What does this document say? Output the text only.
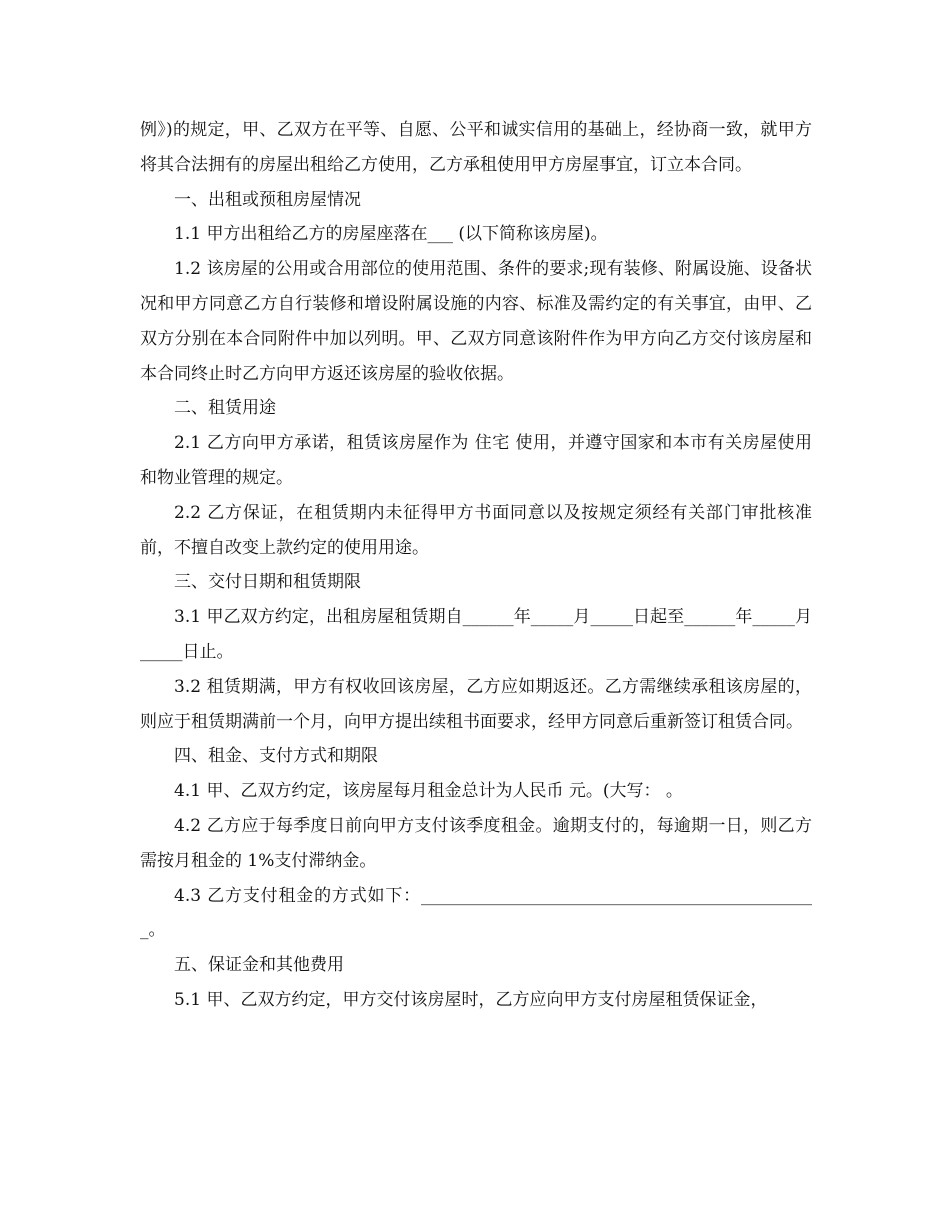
例》)的规定，甲、乙双方在平等、自愿、公平和诚实信用的基础上，经协商一致，就甲方将其合法拥有的房屋出租给乙方使用，乙方承租使用甲方房屋事宜，订立本合同。

一、出租或预租房屋情况

1.1 甲方出租给乙方的房屋座落在___ (以下简称该房屋)。

1.2 该房屋的公用或合用部位的使用范围、条件的要求;现有装修、附属设施、设备状况和甲方同意乙方自行装修和增设附属设施的内容、标准及需约定的有关事宜，由甲、乙双方分别在本合同附件中加以列明。甲、乙双方同意该附件作为甲方向乙方交付该房屋和本合同终止时乙方向甲方返还该房屋的验收依据。

二、租赁用途

2.1 乙方向甲方承诺，租赁该房屋作为 住宅 使用，并遵守国家和本市有关房屋使用和物业管理的规定。

2.2 乙方保证，在租赁期内未征得甲方书面同意以及按规定须经有关部门审批核准前，不擅自改变上款约定的使用用途。

三、交付日期和租赁期限

3.1 甲乙双方约定，出租房屋租赁期自______年_____月_____日起至______年_____月_____日止。

3.2 租赁期满，甲方有权收回该房屋，乙方应如期返还。乙方需继续承租该房屋的，则应于租赁期满前一个月，向甲方提出续租书面要求，经甲方同意后重新签订租赁合同。

四、租金、支付方式和期限

4.1 甲、乙双方约定，该房屋每月租金总计为人民币 元。(大写： 。

4.2 乙方应于每季度日前向甲方支付该季度租金。逾期支付的，每逾期一日，则乙方需按月租金的 1%支付滞纳金。

4.3 乙方支付租金的方式如下：_______________________________________________。

五、保证金和其他费用

5.1 甲、乙双方约定，甲方交付该房屋时，乙方应向甲方支付房屋租赁保证金，
